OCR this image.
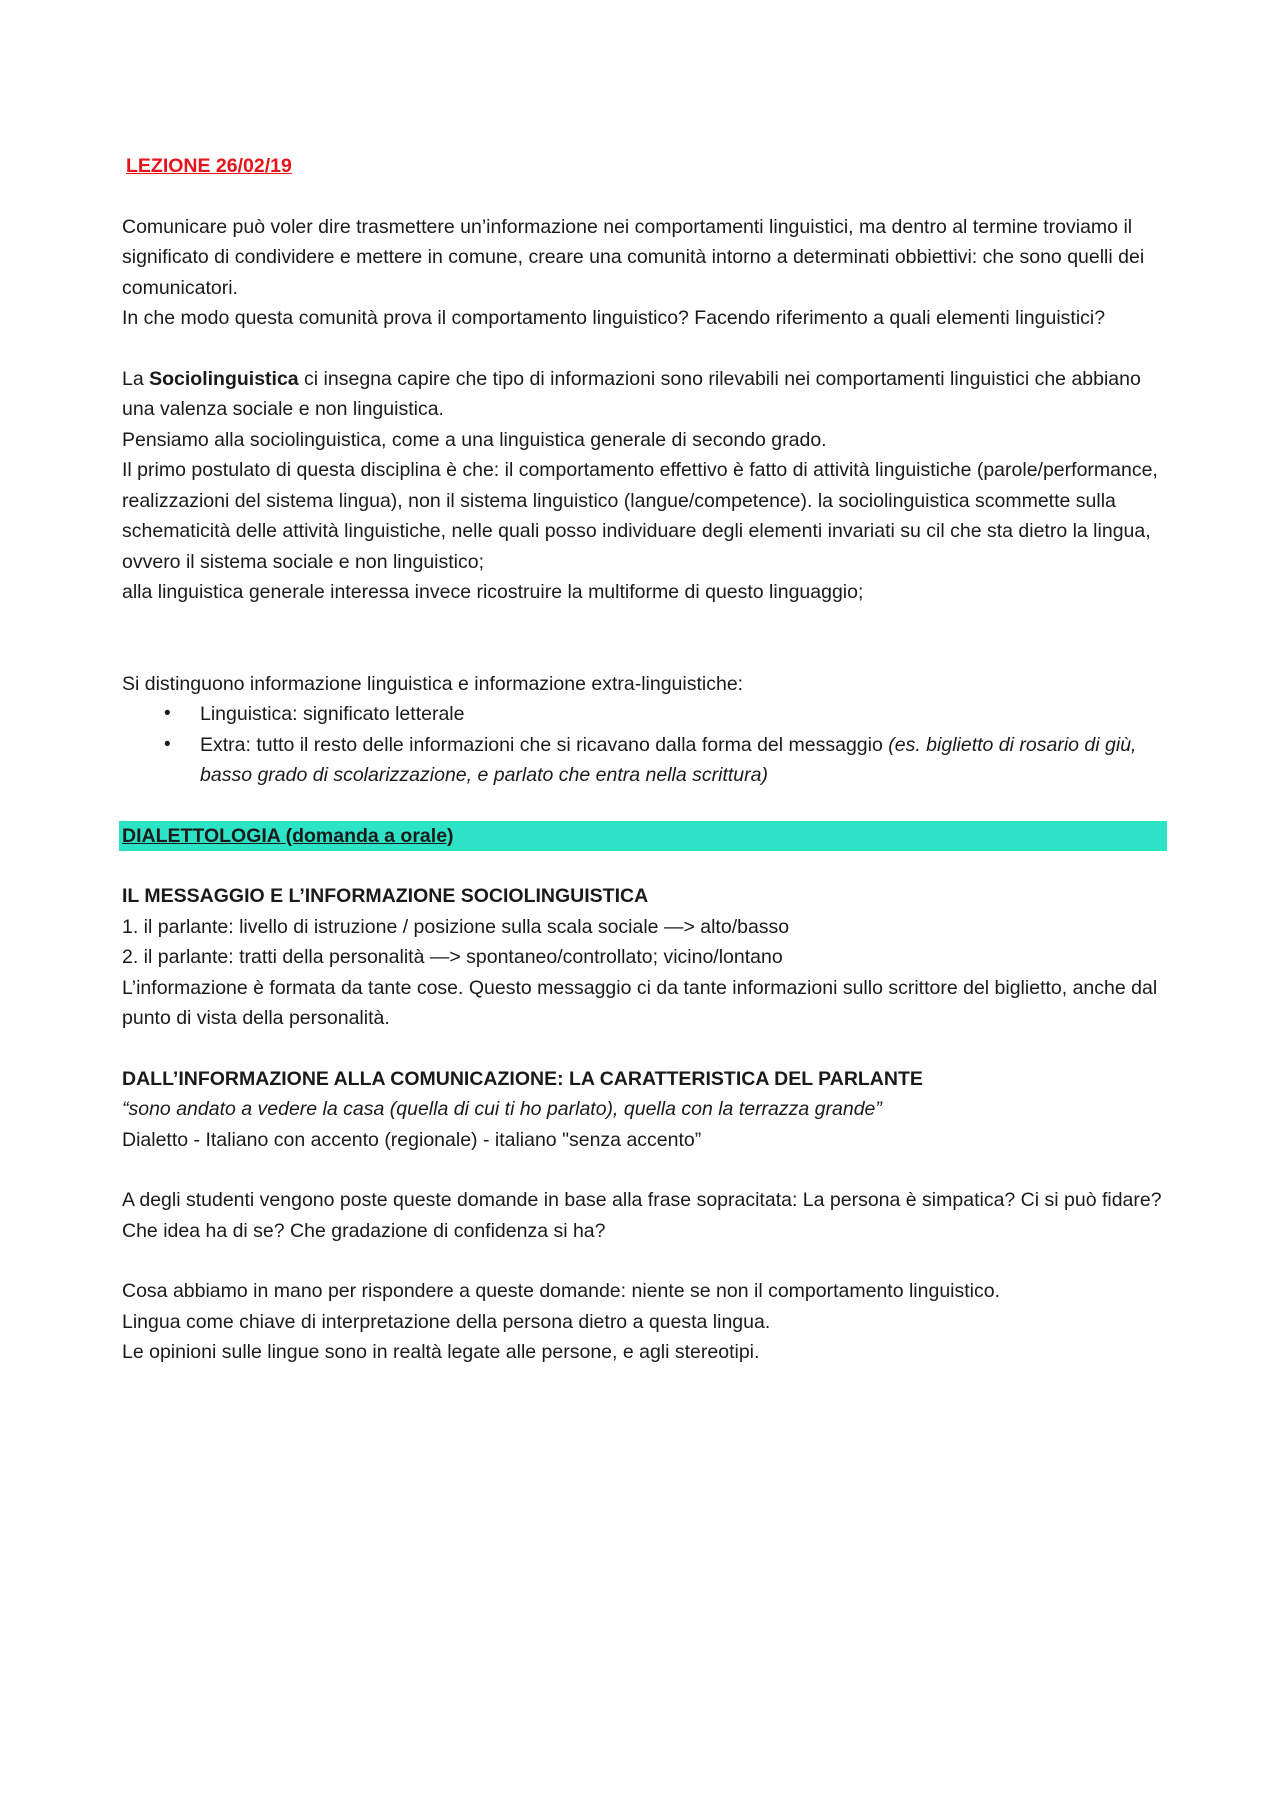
LEZIONE 26/02/19

Comunicare può voler dire trasmettere un’informazione nei comportamenti linguistici, ma dentro al termine troviamo il significato di condividere e mettere in comune, creare una comunità intorno a determinati obbiettivi: che sono quelli dei comunicatori.

In che modo questa comunità prova il comportamento linguistico? Facendo riferimento a quali elementi linguistici?

La Sociolinguistica ci insegna capire che tipo di informazioni sono rilevabili nei comportamenti linguistici che abbiano una valenza sociale e non linguistica.

Pensiamo alla sociolinguistica, come a una linguistica generale di secondo grado.

Il primo postulato di questa disciplina è che: il comportamento effettivo è fatto di attività linguistiche (parole/performance, realizzazioni del sistema lingua), non il sistema linguistico (langue/competence). la sociolinguistica scommette sulla schematicità delle attività linguistiche, nelle quali posso individuare degli elementi invariati su cil che sta dietro la lingua, ovvero il sistema sociale e non linguistico;

alla linguistica generale interessa invece ricostruire la multiforme di questo linguaggio;

Si distinguono informazione linguistica e informazione extra-linguistiche:

• Linguistica: significato letterale
• Extra: tutto il resto delle informazioni che si ricavano dalla forma del messaggio (es. biglietto di rosario di giù, basso grado di scolarizzazione, e parlato che entra nella scrittura)

DIALETTOLOGIA (domanda a orale)

IL MESSAGGIO E L’INFORMAZIONE SOCIOLINGUISTICA

1. il parlante: livello di istruzione / posizione sulla scala sociale —> alto/basso

2. il parlante: tratti della personalità —> spontaneo/controllato; vicino/lontano

L’informazione è formata da tante cose. Questo messaggio ci da tante informazioni sullo scrittore del biglietto, anche dal punto di vista della personalità.

DALL’INFORMAZIONE ALLA COMUNICAZIONE: LA CARATTERISTICA DEL PARLANTE

“sono andato a vedere la casa (quella di cui ti ho parlato), quella con la terrazza grande”

Dialetto - Italiano con accento (regionale) - italiano "senza accento”

A degli studenti vengono poste queste domande in base alla frase sopracitata: La persona è simpatica? Ci si può fidare? Che idea ha di se? Che gradazione di confidenza si ha?

Cosa abbiamo in mano per rispondere a queste domande: niente se non il comportamento linguistico.

Lingua come chiave di interpretazione della persona dietro a questa lingua.

Le opinioni sulle lingue sono in realtà legate alle persone, e agli stereotipi.
